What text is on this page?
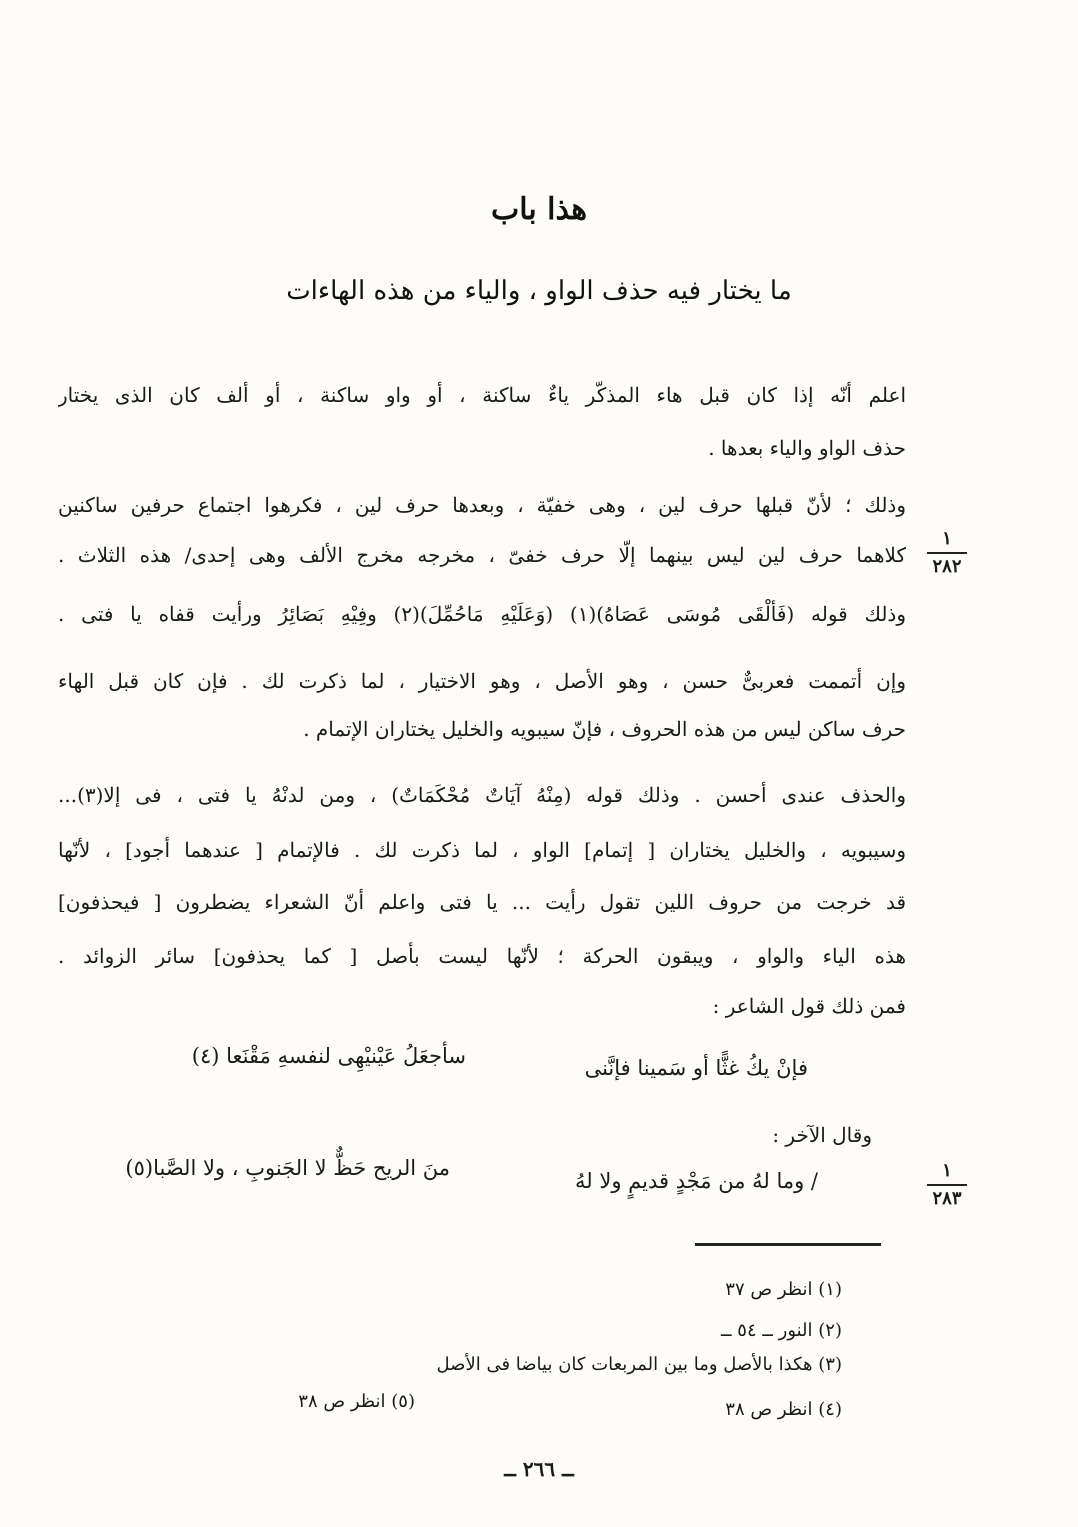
هذا باب
ما يختار فيه حذف الواو ، والياء من هذه الهاءات
اعلم أنّه إذا كان قبل هاء المذكّر ياءٌ ساكنة ، أو واو ساكنة ، أو ألف كان الذى يختار
حذف الواو والياء بعدها .
وذلك ؛ لأنّ قبلها حرف لين ، وهى خفيّة ، وبعدها حرف لين ، فكرهوا اجتماع حرفين ساكنين
كلاهما حرف لين ليس بينهما إلّا حرف خفىّ ، مخرجه مخرج الألف وهى إحدى/ هذه الثلاث .
وذلك قوله (فَأَلْقَى مُوسَى عَصَاهُ)(١) (وَعَلَيْهِ مَاحُمِّلَ)(٢) وفِيْهِ بَصَائِرُ ورأيت قفاه يا فتى .
وإن أتممت فعربىٌّ حسن ، وهو الأصل ، وهو الاختيار ، لما ذكرت لك . فإن كان قبل الهاء
حرف ساكن ليس من هذه الحروف ، فإنّ سيبويه والخليل يختاران الإتمام .
والحذف عندى أحسن . وذلك قوله (مِنْهُ آيَاتٌ مُحْكَمَاتٌ) ، ومن لدنْهُ يا فتى ، فى إلا(٣)...
وسيبويه ، والخليل يختاران [ إتمام] الواو ، لما ذكرت لك . فالإتمام [ عندهما أجود] ، لأنّها
قد خرجت من حروف اللين تقول رأيت ... يا فتى واعلم أنّ الشعراء يضطرون [ فيحذفون]
هذه الياء والواو ، ويبقون الحركة ؛ لأنّها ليست بأصل [ كما يحذفون] سائر الزوائد .
فمن ذلك قول الشاعر :
فإنْ يكُ غثًّا أو سَمينا فإنَّنى
سأجعَلُ عَيْنيْهِى لنفسهِ مَقْنَعا (٤)
وقال الآخر :
/ وما لهُ من مَجْدٍ قديمٍ ولا لهُ
منَ الريح حَظٌّ لا الجَنوبِ ، ولا الصَّبا(٥)
١
٢٨٢
١
٢٨٣
(١) انظر ص ٣٧
(٢) النور ــ ٥٤ ــ
(٣) هكذا بالأصل وما بين المربعات كان بياضا فى الأصل
(٤) انظر ص ٣٨
(٥) انظر ص ٣٨
ــ ٢٦٦ ــ
